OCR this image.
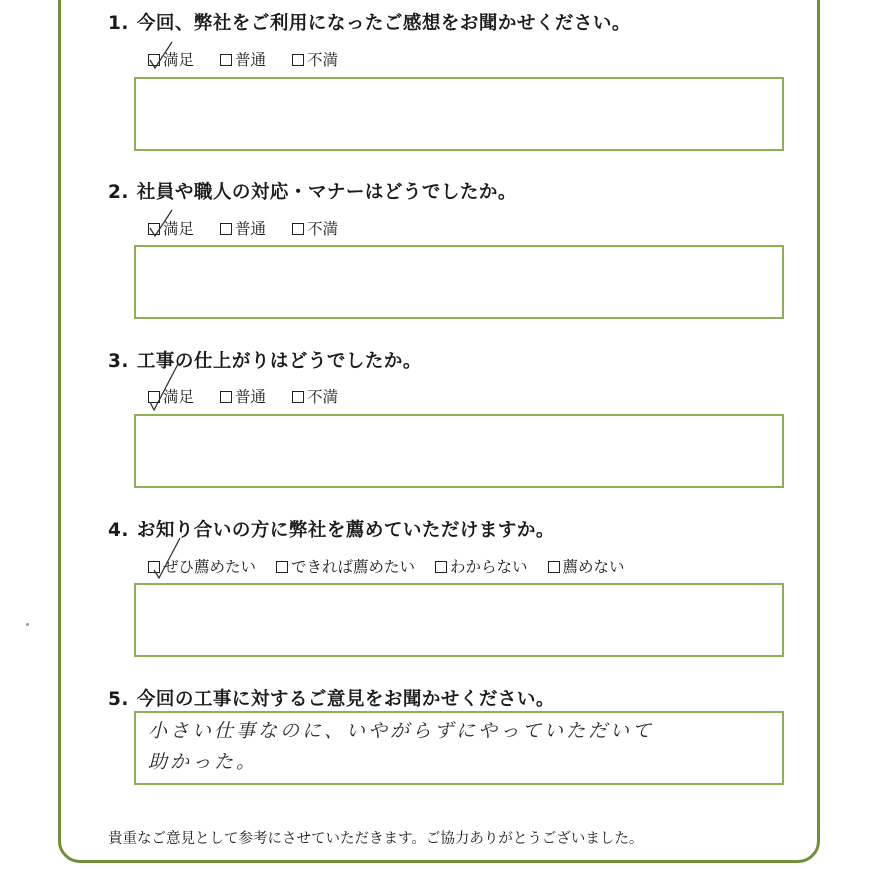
1. 今回、弊社をご利用になったご感想をお聞かせください。
満足	普通	不満
2. 社員や職人の対応・マナーはどうでしたか。
満足	普通	不満
3. 工事の仕上がりはどうでしたか。
満足	普通	不満
4. お知り合いの方に弊社を薦めていただけますか。
ぜひ薦めたい できれば薦めたい わからない 薦めない
5. 今回の工事に対するご意見をお聞かせください。
小さい仕事なのに、いやがらずにやっていただいて
助かった。
貴重なご意見として参考にさせていただきます。ご協力ありがとうございました。
